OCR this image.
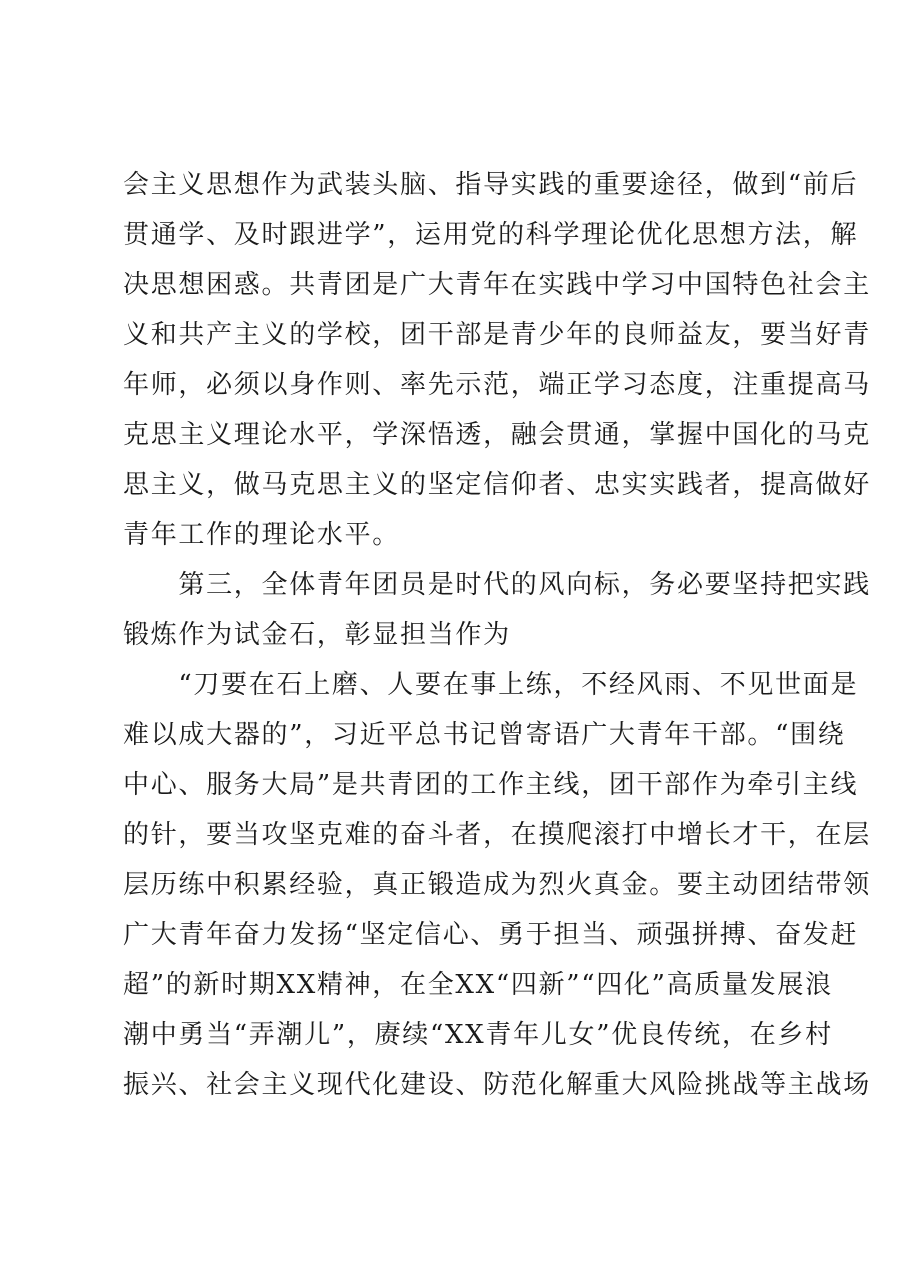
会主义思想作为武装头脑、指导实践的重要途径，做到“前后
贯通学、及时跟进学”，运用党的科学理论优化思想方法，解
决思想困惑。共青团是广大青年在实践中学习中国特色社会主
义和共产主义的学校，团干部是青少年的良师益友，要当好青
年师，必须以身作则、率先示范，端正学习态度，注重提高马
克思主义理论水平，学深悟透，融会贯通，掌握中国化的马克
思主义，做马克思主义的坚定信仰者、忠实实践者，提高做好
青年工作的理论水平。
　　第三，全体青年团员是时代的风向标，务必要坚持把实践
锻炼作为试金石，彰显担当作为
　　“刀要在石上磨、人要在事上练，不经风雨、不见世面是
难以成大器的”，习近平总书记曾寄语广大青年干部。“围绕
中心、服务大局”是共青团的工作主线，团干部作为牵引主线
的针，要当攻坚克难的奋斗者，在摸爬滚打中增长才干，在层
层历练中积累经验，真正锻造成为烈火真金。要主动团结带领
广大青年奋力发扬“坚定信心、勇于担当、顽强拼搏、奋发赶
超”的新时期XX精神，在全XX“四新”“四化”高质量发展浪
潮中勇当“弄潮儿”，赓续“XX青年儿女”优良传统，在乡村
振兴、社会主义现代化建设、防范化解重大风险挑战等主战场
